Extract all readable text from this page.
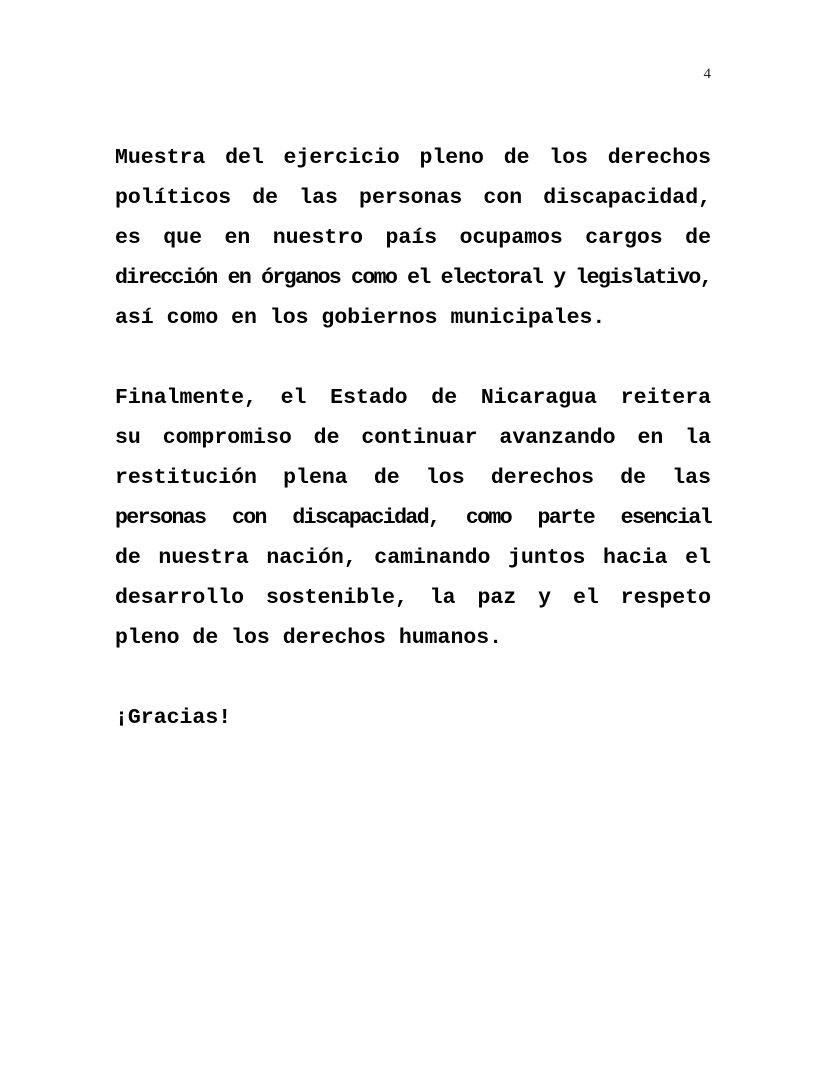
4
Muestra del ejercicio pleno de los derechos
políticos de las personas con discapacidad,
es que en nuestro país ocupamos cargos de
dirección en órganos como el electoral y legislativo,
así como en los gobiernos municipales.
Finalmente, el Estado de Nicaragua reitera
su compromiso de continuar avanzando en la
restitución plena de los derechos de las
personas con discapacidad, como parte esencial
de nuestra nación, caminando juntos hacia el
desarrollo sostenible, la paz y el respeto
pleno de los derechos humanos.
¡Gracias!
